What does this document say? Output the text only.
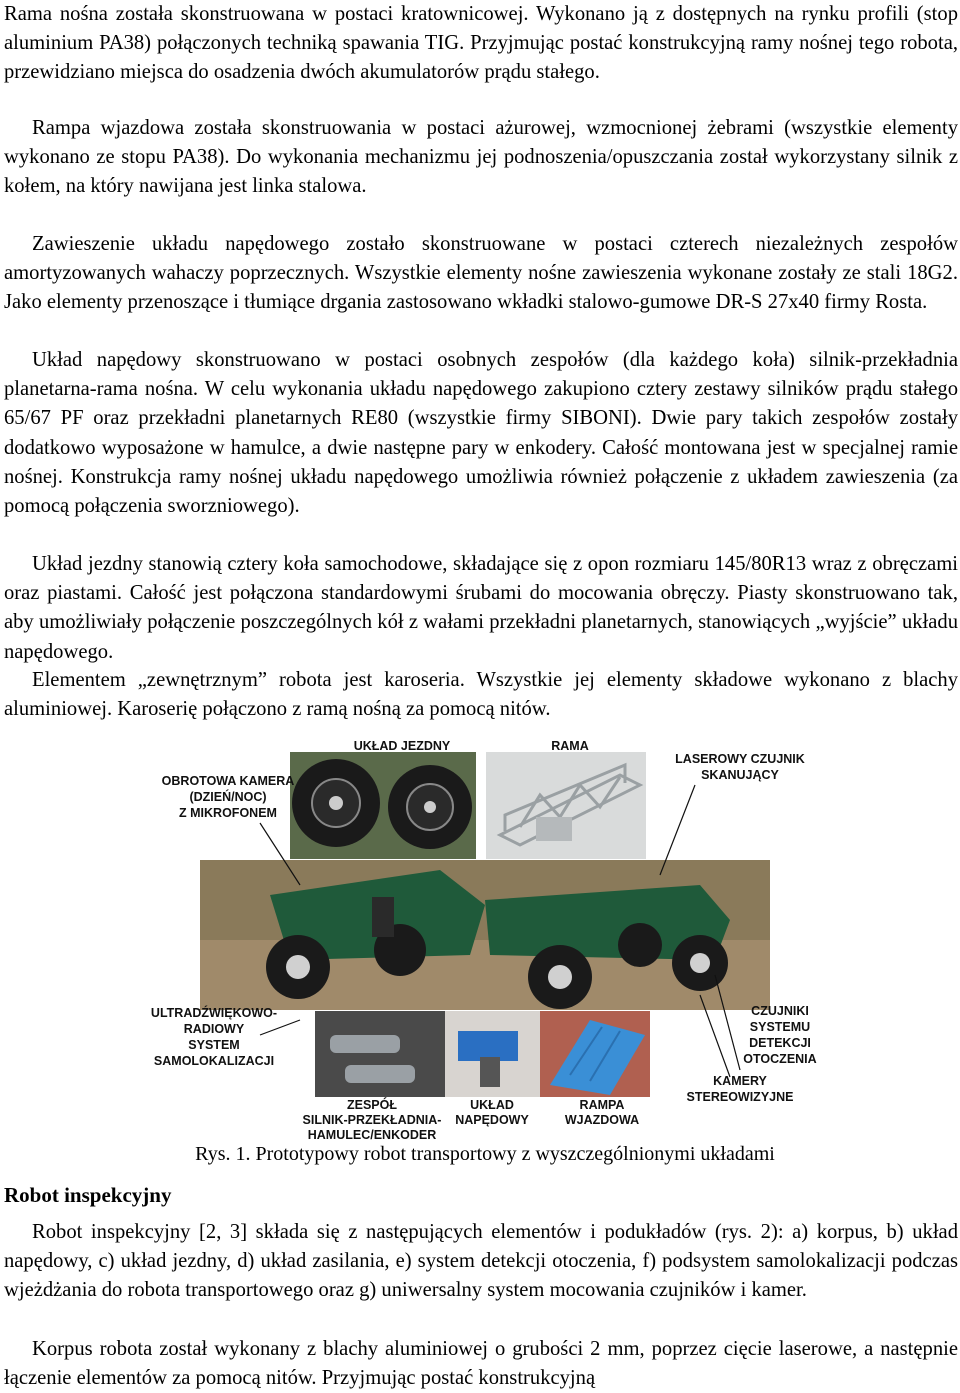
Rama nośna została skonstruowana w postaci kratownicowej. Wykonano ją z dostępnych na rynku profili (stop aluminium PA38) połączonych techniką spawania TIG. Przyjmując postać konstrukcyjną ramy nośnej tego robota, przewidziano miejsca do osadzenia dwóch akumulatorów prądu stałego.

Rampa wjazdowa została skonstruowania w postaci ażurowej, wzmocnionej żebrami (wszystkie elementy wykonano ze stopu PA38). Do wykonania mechanizmu jej podnoszenia/opuszczania został wykorzystany silnik z kołem, na który nawijana jest linka stalowa.

Zawieszenie układu napędowego zostało skonstruowane w postaci czterech niezależnych zespołów amortyzowanych wahaczy poprzecznych. Wszystkie elementy nośne zawieszenia wykonane zostały ze stali 18G2. Jako elementy przenoszące i tłumiące drgania zastosowano wkładki stalowo-gumowe DR-S 27x40 firmy Rosta.

Układ napędowy skonstruowano w postaci osobnych zespołów (dla każdego koła) silnik-przekładnia planetarna-rama nośna. W celu wykonania układu napędowego zakupiono cztery zestawy silników prądu stałego 65/67 PF oraz przekładni planetarnych RE80 (wszystkie firmy SIBONI). Dwie pary takich zespołów zostały dodatkowo wyposażone w hamulce, a dwie następne pary w enkodery. Całość montowana jest w specjalnej ramie nośnej. Konstrukcja ramy nośnej układu napędowego umożliwia również połączenie z układem zawieszenia (za pomocą połączenia sworzniowego).

Układ jezdny stanowią cztery koła samochodowe, składające się z opon rozmiaru 145/80R13 wraz z obręczami oraz piastami. Całość jest połączona standardowymi śrubami do mocowania obręczy. Piasty skonstruowano tak, aby umożliwiały połączenie poszczególnych kół z wałami przekładni planetarnych, stanowiących „wyjście” układu napędowego.

Elementem „zewnętrznym” robota jest karoseria. Wszystkie jej elementy składowe wykonano z blachy aluminiowej. Karoserię połączono z ramą nośną za pomocą nitów.

UKŁAD JEZDNY	RAMA
OBROTOWA KAMERA
(DZIEŃ/NOC)
Z MIKROFONEM
LASEROWY CZUJNIK
SKANUJĄCY
ULTRADŹWIĘKOWO-
RADIOWY
SYSTEM
SAMOLOKALIZACJI
CZUJNIKI
SYSTEMU
DETEKCJI
OTOCZENIA
KAMERY
STEREOWIZYJNE
ZESPÓŁ
SILNIK-PRZEKŁADNIA-
HAMULEC/ENKODER
UKŁAD
NAPĘDOWY
RAMPA
WJAZDOWA
Rys. 1. Prototypowy robot transportowy z wyszczególnionymi układami
Robot inspekcyjny

Robot inspekcyjny [2, 3] składa się z następujących elementów i podukładów (rys. 2): a) korpus, b) układ napędowy, c) układ jezdny, d) układ zasilania, e) system detekcji otoczenia, f) podsystem samolokalizacji podczas wjeżdżania do robota transportowego oraz g) uniwersalny system mocowania czujników i kamer.

Korpus robota został wykonany z blachy aluminiowej o grubości 2 mm, poprzez cięcie laserowe, a następnie łączenie elementów za pomocą nitów. Przyjmując postać konstrukcyjną
